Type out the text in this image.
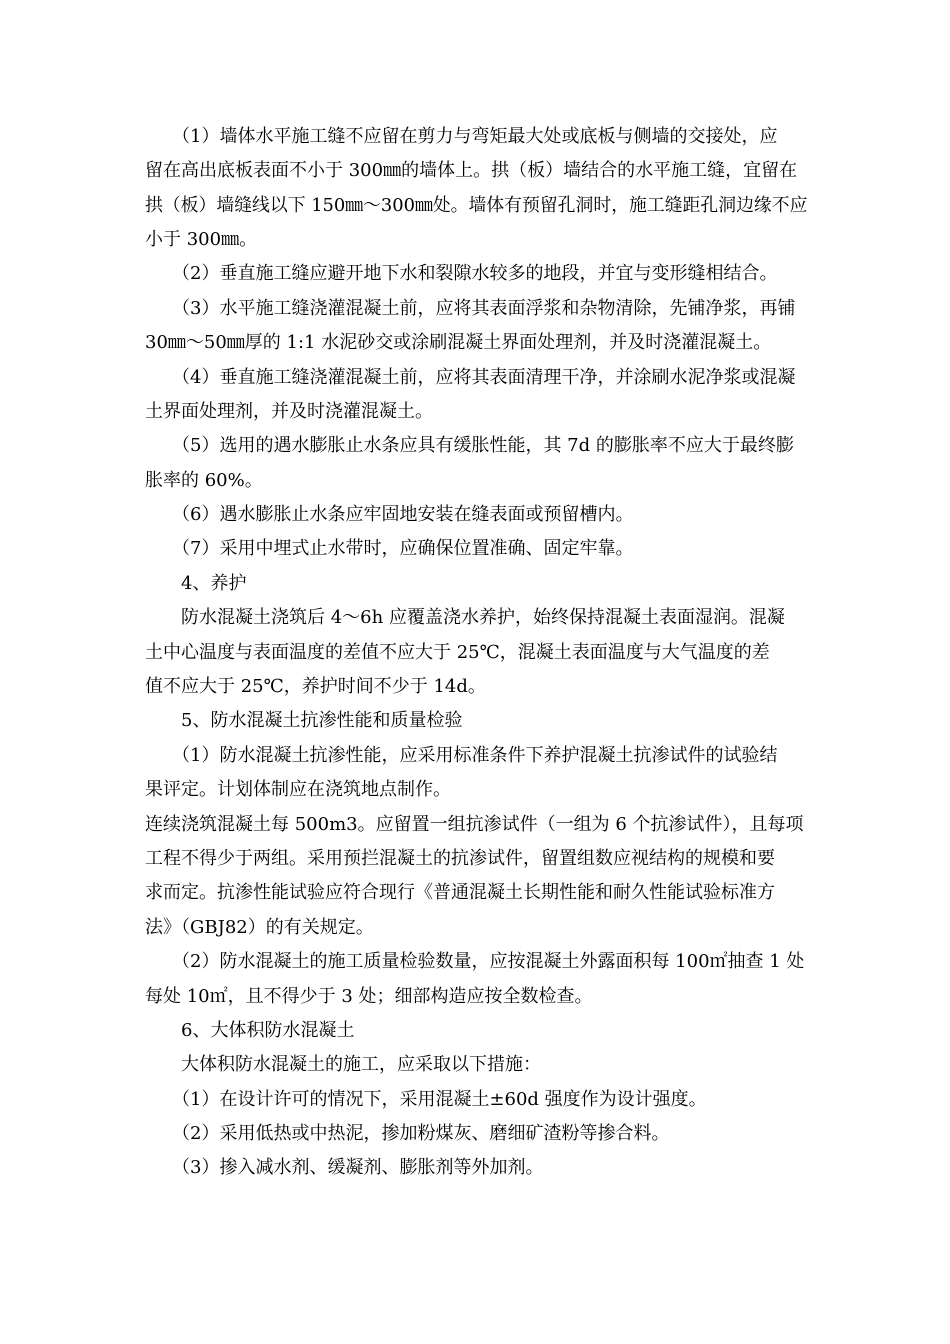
（1）墙体水平施工缝不应留在剪力与弯矩最大处或底板与侧墙的交接处，应
留在高出底板表面不小于 300㎜的墙体上。拱（板）墙结合的水平施工缝，宜留在
拱（板）墙缝线以下 150㎜～300㎜处。墙体有预留孔洞时，施工缝距孔洞边缘不应
小于 300㎜。
（2）垂直施工缝应避开地下水和裂隙水较多的地段，并宜与变形缝相结合。
（3）水平施工缝浇灌混凝土前，应将其表面浮浆和杂物清除，先铺净浆，再铺
30㎜～50㎜厚的 1:1 水泥砂交或涂刷混凝土界面处理剂，并及时浇灌混凝土。
（4）垂直施工缝浇灌混凝土前，应将其表面清理干净，并涂刷水泥净浆或混凝
土界面处理剂，并及时浇灌混凝土。
（5）选用的遇水膨胀止水条应具有缓胀性能，其 7d 的膨胀率不应大于最终膨
胀率的 60%。
（6）遇水膨胀止水条应牢固地安装在缝表面或预留槽内。
（7）采用中埋式止水带时，应确保位置准确、固定牢靠。
4、养护
防水混凝土浇筑后 4～6h 应覆盖浇水养护，始终保持混凝土表面湿润。混凝
土中心温度与表面温度的差值不应大于 25℃，混凝土表面温度与大气温度的差
值不应大于 25℃，养护时间不少于 14d。
5、防水混凝土抗渗性能和质量检验
（1）防水混凝土抗渗性能，应采用标准条件下养护混凝土抗渗试件的试验结
果评定。计划体制应在浇筑地点制作。
连续浇筑混凝土每 500m3。应留置一组抗渗试件（一组为 6 个抗渗试件），且每项
工程不得少于两组。采用预拦混凝土的抗渗试件，留置组数应视结构的规模和要
求而定。抗渗性能试验应符合现行《普通混凝土长期性能和耐久性能试验标准方
法》（GBJ82）的有关规定。
（2）防水混凝土的施工质量检验数量，应按混凝土外露面积每 100㎡抽查 1 处
每处 10㎡，且不得少于 3 处；细部构造应按全数检查。
6、大体积防水混凝土
大体积防水混凝土的施工，应采取以下措施：
（1）在设计许可的情况下，采用混凝土±60d 强度作为设计强度。
（2）采用低热或中热泥，掺加粉煤灰、磨细矿渣粉等掺合料。
（3）掺入减水剂、缓凝剂、膨胀剂等外加剂。
